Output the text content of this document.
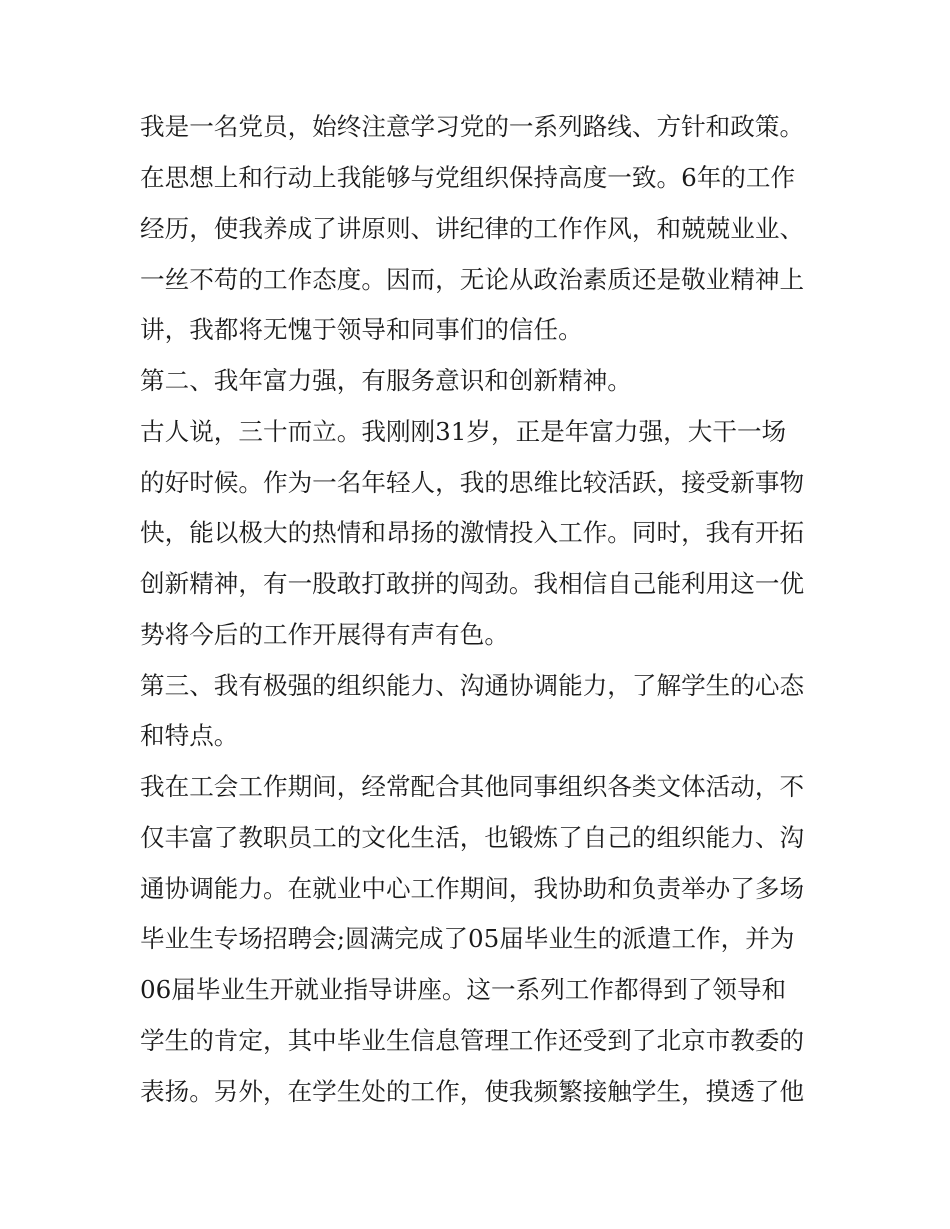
我是一名党员，始终注意学习党的一系列路线、方针和政策。

在思想上和行动上我能够与党组织保持高度一致。6年的工作

经历，使我养成了讲原则、讲纪律的工作作风，和兢兢业业、

一丝不苟的工作态度。因而，无论从政治素质还是敬业精神上

讲，我都将无愧于领导和同事们的信任。

第二、我年富力强，有服务意识和创新精神。

古人说，三十而立。我刚刚31岁，正是年富力强，大干一场

的好时候。作为一名年轻人，我的思维比较活跃，接受新事物

快，能以极大的热情和昂扬的激情投入工作。同时，我有开拓

创新精神，有一股敢打敢拼的闯劲。我相信自己能利用这一优

势将今后的工作开展得有声有色。

第三、我有极强的组织能力、沟通协调能力，了解学生的心态

和特点。

我在工会工作期间，经常配合其他同事组织各类文体活动，不

仅丰富了教职员工的文化生活，也锻炼了自己的组织能力、沟

通协调能力。在就业中心工作期间，我协助和负责举办了多场

毕业生专场招聘会;圆满完成了05届毕业生的派遣工作，并为

06届毕业生开就业指导讲座。这一系列工作都得到了领导和

学生的肯定，其中毕业生信息管理工作还受到了北京市教委的

表扬。另外，在学生处的工作，使我频繁接触学生，摸透了他
